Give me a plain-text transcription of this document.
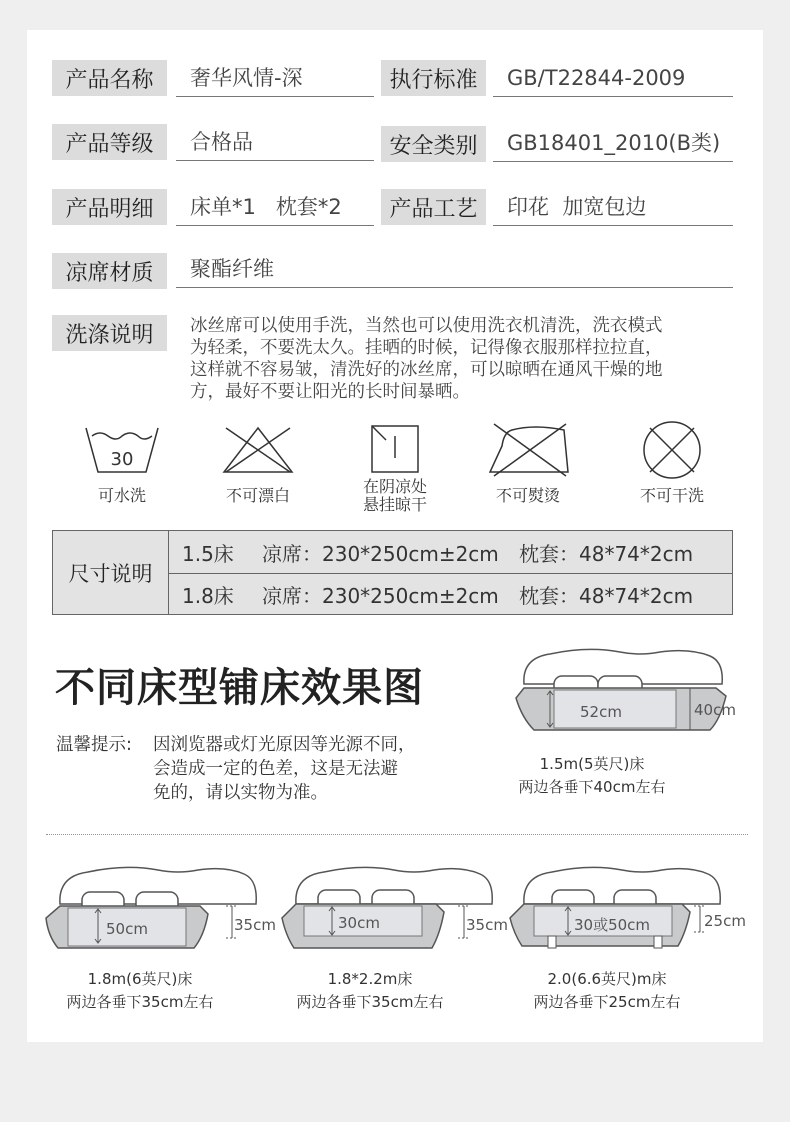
产品名称	奢华风情-深	执行标准	GB/T22844-2009
产品等级	合格品	安全类别	GB18401_2010(B类)
产品明细	床单*1   枕套*2	产品工艺	印花  加宽包边
凉席材质	聚酯纤维
洗涤说明	冰丝席可以使用手洗，当然也可以使用洗衣机清洗，洗衣模式
为轻柔，不要洗太久。挂晒的时候，记得像衣服那样拉拉直，
这样就不容易皱，清洗好的冰丝席，可以晾晒在通风干燥的地
方，最好不要让阳光的长时间暴晒。
30
可水洗	不可漂白	在阴凉处
悬挂晾干	不可熨烫	不可干洗
尺寸说明
1.5床 凉席：230*250cm±2cm 枕套：48*74*2cm
1.8床 凉席：230*250cm±2cm 枕套：48*74*2cm
不同床型铺床效果图
温馨提示: 因浏览器或灯光原因等光源不同，
会造成一定的色差，这是无法避
免的，请以实物为准。
52cm	40cm
1.5m(5英尺)床
两边各垂下40cm左右
50cm	35cm
1.8m(6英尺)床
两边各垂下35cm左右
30cm	35cm
1.8*2.2m床
两边各垂下35cm左右
30或50cm	25cm
2.0(6.6英尺)m床
两边各垂下25cm左右
